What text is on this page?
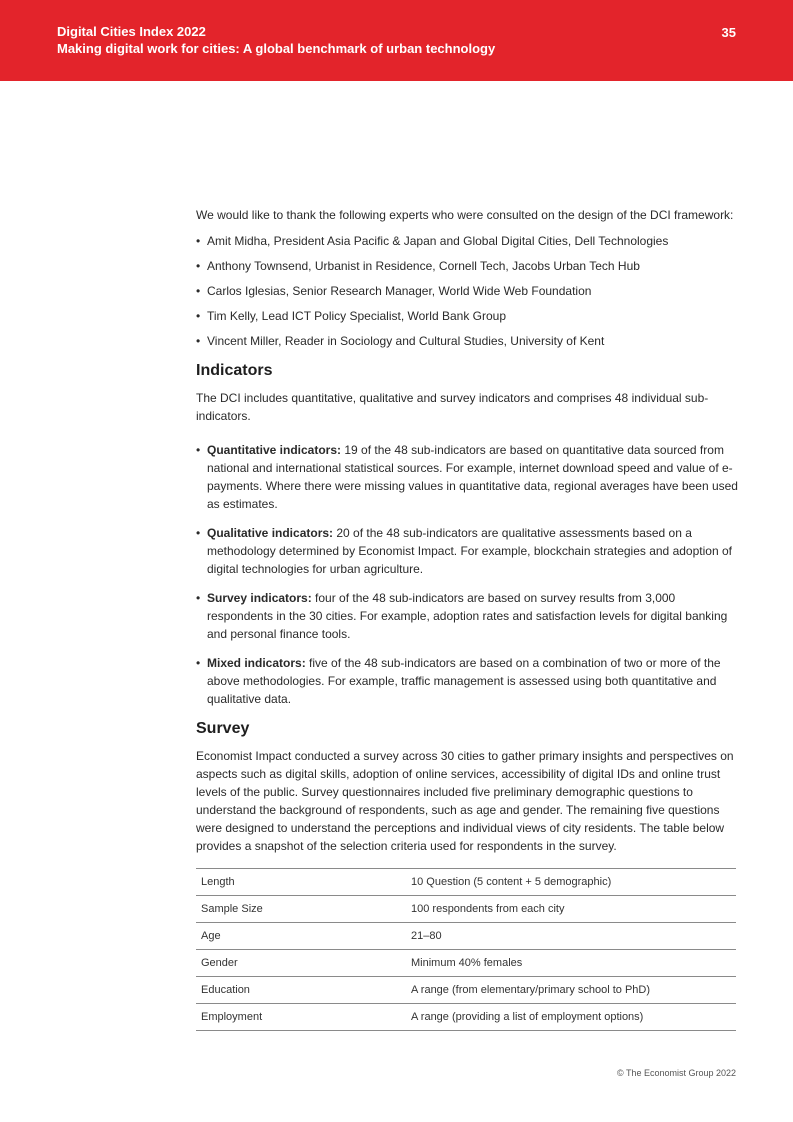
Digital Cities Index 2022
Making digital work for cities: A global benchmark of urban technology
35

We would like to thank the following experts who were consulted on the design of the DCI framework:

• Amit Midha, President Asia Pacific & Japan and Global Digital Cities, Dell Technologies
• Anthony Townsend, Urbanist in Residence, Cornell Tech, Jacobs Urban Tech Hub
• Carlos Iglesias, Senior Research Manager, World Wide Web Foundation
• Tim Kelly, Lead ICT Policy Specialist, World Bank Group
• Vincent Miller, Reader in Sociology and Cultural Studies, University of Kent
Indicators

The DCI includes quantitative, qualitative and survey indicators and comprises 48 individual sub-indicators.

• Quantitative indicators: 19 of the 48 sub-indicators are based on quantitative data sourced from national and international statistical sources. For example, internet download speed and value of e-payments. Where there were missing values in quantitative data, regional averages have been used as estimates.
• Qualitative indicators: 20 of the 48 sub-indicators are qualitative assessments based on a methodology determined by Economist Impact. For example, blockchain strategies and adoption of digital technologies for urban agriculture.
• Survey indicators: four of the 48 sub-indicators are based on survey results from 3,000 respondents in the 30 cities. For example, adoption rates and satisfaction levels for digital banking and personal finance tools.
• Mixed indicators: five of the 48 sub-indicators are based on a combination of two or more of the above methodologies. For example, traffic management is assessed using both quantitative and qualitative data.
Survey

Economist Impact conducted a survey across 30 cities to gather primary insights and perspectives on aspects such as digital skills, adoption of online services, accessibility of digital IDs and online trust levels of the public. Survey questionnaires included five preliminary demographic questions to understand the background of respondents, such as age and gender. The remaining five questions were designed to understand the perceptions and individual views of city residents. The table below provides a snapshot of the selection criteria used for respondents in the survey.

Length	10 Question (5 content + 5 demographic)
Sample Size	100 respondents from each city
Age	21–80
Gender	Minimum 40% females
Education	A range (from elementary/primary school to PhD)
Employment	A range (providing a list of employment options)
© The Economist Group 2022
